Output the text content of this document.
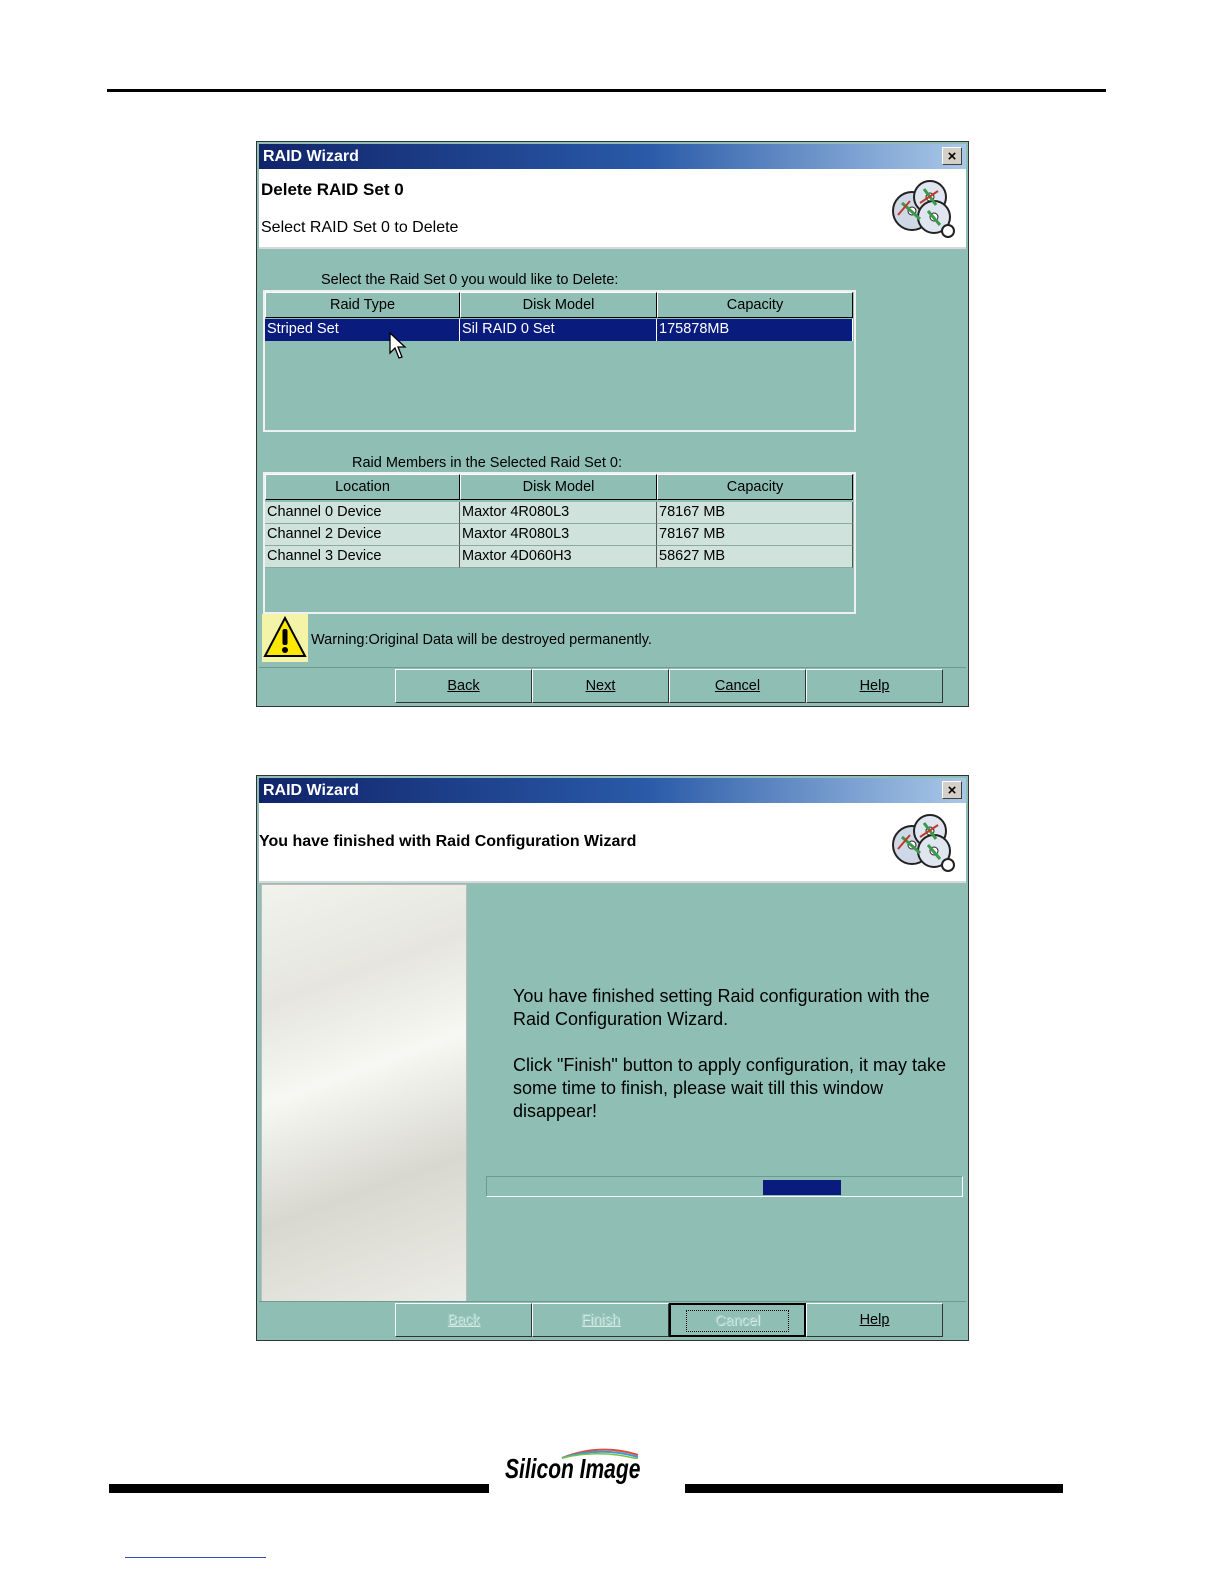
RAID Wizard	×
Delete RAID Set 0
Select RAID Set 0 to Delete
Select the Raid Set 0 you would like to Delete:
Raid Type	Disk Model	Capacity
Striped Set	Sil RAID 0 Set	175878MB
Raid Members in the Selected Raid Set 0:
Location	Disk Model	Capacity
Channel 0 Device	Maxtor 4R080L3	78167 MB
Channel 2 Device	Maxtor 4R080L3	78167 MB
Channel 3 Device	Maxtor 4D060H3	58627 MB
Warning:Original Data will be destroyed permanently.
Back	Next	Cancel	Help
RAID Wizard	×
You have finished with Raid Configuration Wizard
You have finished setting Raid configuration with the Raid Configuration Wizard.
Click "Finish" button to apply configuration, it may take some time to finish, please wait till this window disappear!
Back	Finish	Cancel	Help
Silicon Image
